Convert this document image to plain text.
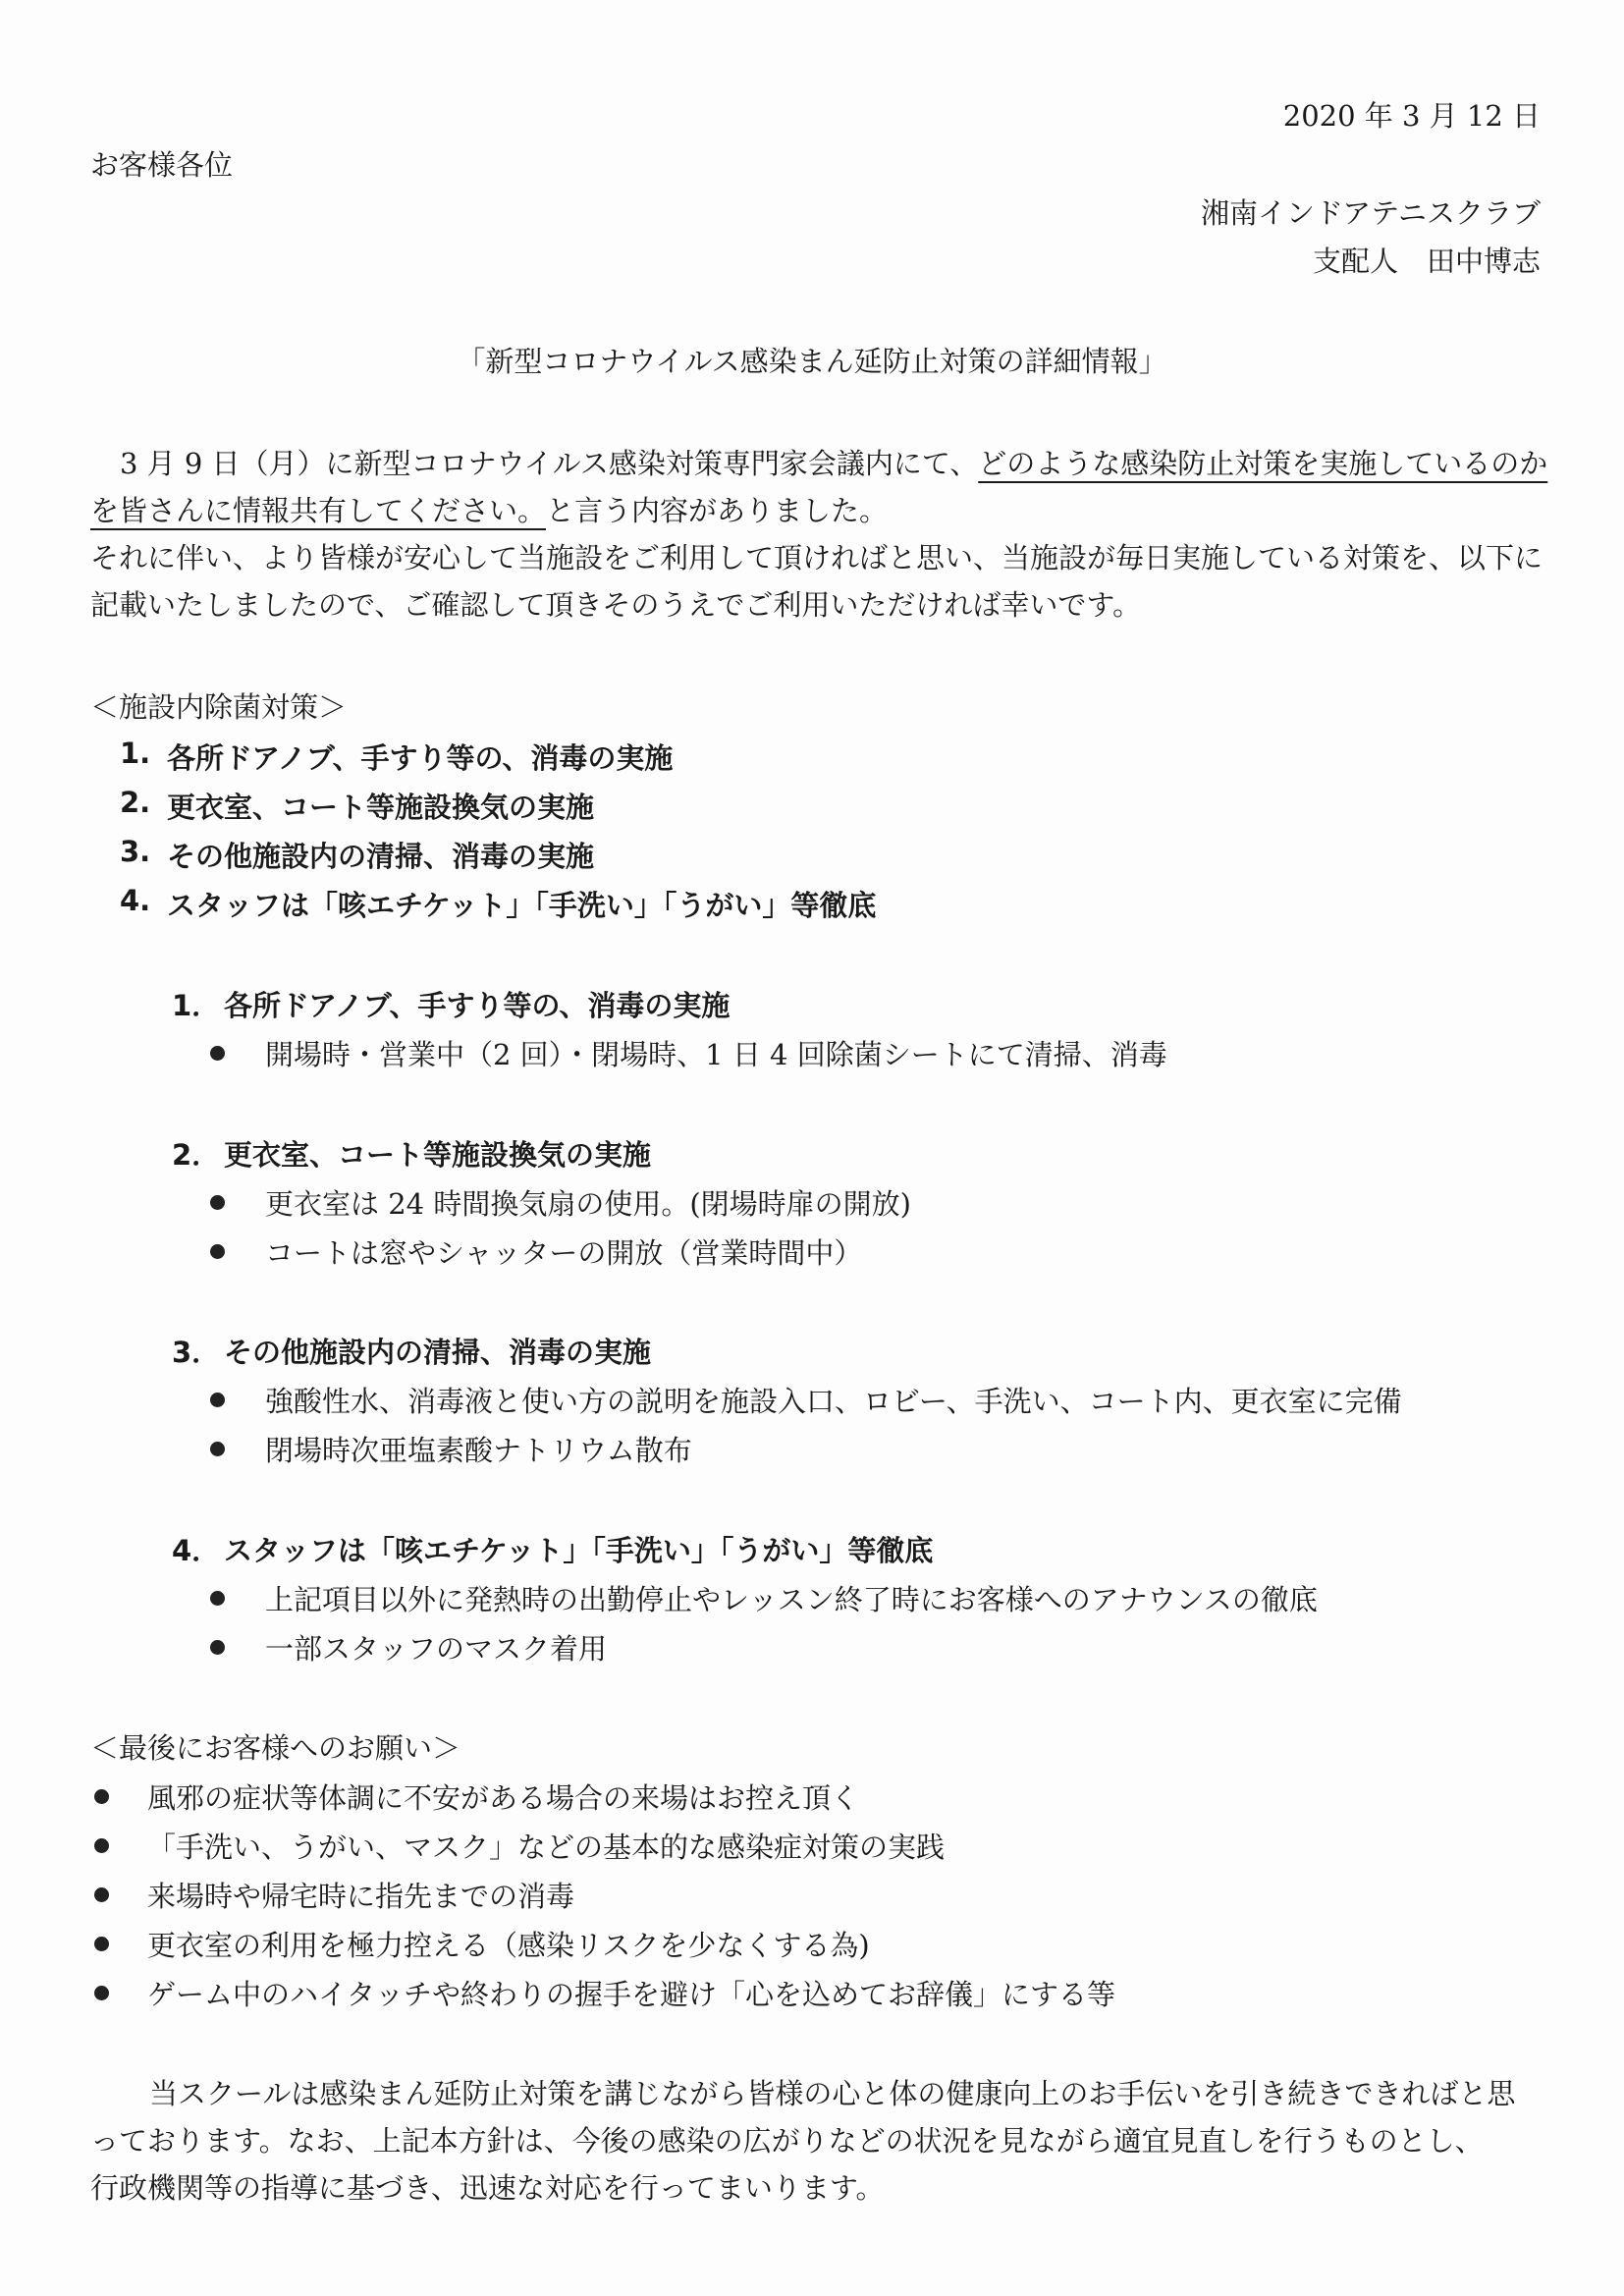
2020 年 3 月 12 日
お客様各位
湘南インドアテニスクラブ
支配人　田中博志
「新型コロナウイルス感染まん延防止対策の詳細情報」
3 月 9 日（月）に新型コロナウイルス感染対策専門家会議内にて、どのような感染防止対策を実施しているのか
を皆さんに情報共有してください。と言う内容がありました。
それに伴い、より皆様が安心して当施設をご利用して頂ければと思い、当施設が毎日実施している対策を、以下に
記載いたしましたので、ご確認して頂きそのうえでご利用いただければ幸いです。
＜施設内除菌対策＞
1. 各所ドアノブ、手すり等の、消毒の実施
2. 更衣室、コート等施設換気の実施
3. その他施設内の清掃、消毒の実施
4. スタッフは「咳エチケット」「手洗い」「うがい」等徹底
1． 各所ドアノブ、手すり等の、消毒の実施
開場時・営業中（2 回）・閉場時、1 日 4 回除菌シートにて清掃、消毒
2． 更衣室、コート等施設換気の実施
更衣室は 24 時間換気扇の使用。(閉場時扉の開放)
コートは窓やシャッターの開放（営業時間中）
3． その他施設内の清掃、消毒の実施
強酸性水、消毒液と使い方の説明を施設入口、ロビー、手洗い、コート内、更衣室に完備
閉場時次亜塩素酸ナトリウム散布
4． スタッフは「咳エチケット」「手洗い」「うがい」等徹底
上記項目以外に発熱時の出勤停止やレッスン終了時にお客様へのアナウンスの徹底
一部スタッフのマスク着用
＜最後にお客様へのお願い＞
風邪の症状等体調に不安がある場合の来場はお控え頂く
「手洗い、うがい、マスク」などの基本的な感染症対策の実践
来場時や帰宅時に指先までの消毒
更衣室の利用を極力控える（感染リスクを少なくする為)
ゲーム中のハイタッチや終わりの握手を避け「心を込めてお辞儀」にする等
当スクールは感染まん延防止対策を講じながら皆様の心と体の健康向上のお手伝いを引き続きできればと思
っております。なお、上記本方針は、今後の感染の広がりなどの状況を見ながら適宜見直しを行うものとし、
行政機関等の指導に基づき、迅速な対応を行ってまいります。
